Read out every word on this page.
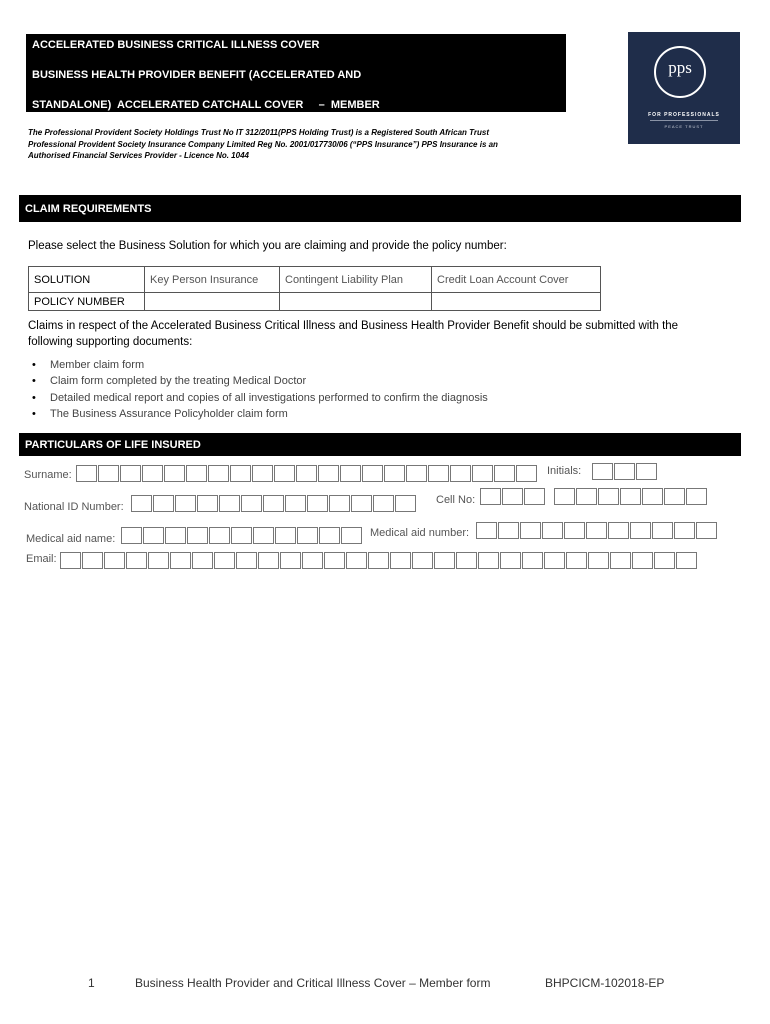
ACCELERATED BUSINESS CRITICAL ILLNESS COVER
BUSINESS HEALTH PROVIDER BENEFIT (ACCELERATED AND
STANDALONE)  ACCELERATED CATCHALL COVER     –  MEMBER
pps
FOR PROFESSIONALS
PEACE TRUST
The Professional Provident Society Holdings Trust No IT 312/2011(PPS Holding Trust) is a Registered South African Trust
Professional Provident Society Insurance Company Limited Reg No. 2001/017730/06 (“PPS Insurance”) PPS Insurance is an
Authorised Financial Services Provider - Licence No. 1044
CLAIM REQUIREMENTS
Please select the Business Solution for which you are claiming and provide the policy number:
SOLUTION	Key Person Insurance	Contingent Liability Plan	Credit Loan Account Cover
POLICY NUMBER			
Claims in respect of the Accelerated Business Critical Illness and Business Health Provider Benefit should be submitted with the following supporting documents:
• Member claim form
• Claim form completed by the treating Medical Doctor
• Detailed medical report and copies of all investigations performed to confirm the diagnosis
• The Business Assurance Policyholder claim form
PARTICULARS OF LIFE INSURED
Surname:	Initials:
National ID Number:
Cell No:
Medical aid name:	Medical aid number:
Email:
1	Business Health Provider and Critical Illness Cover – Member form	BHPCICM-102018-EP
